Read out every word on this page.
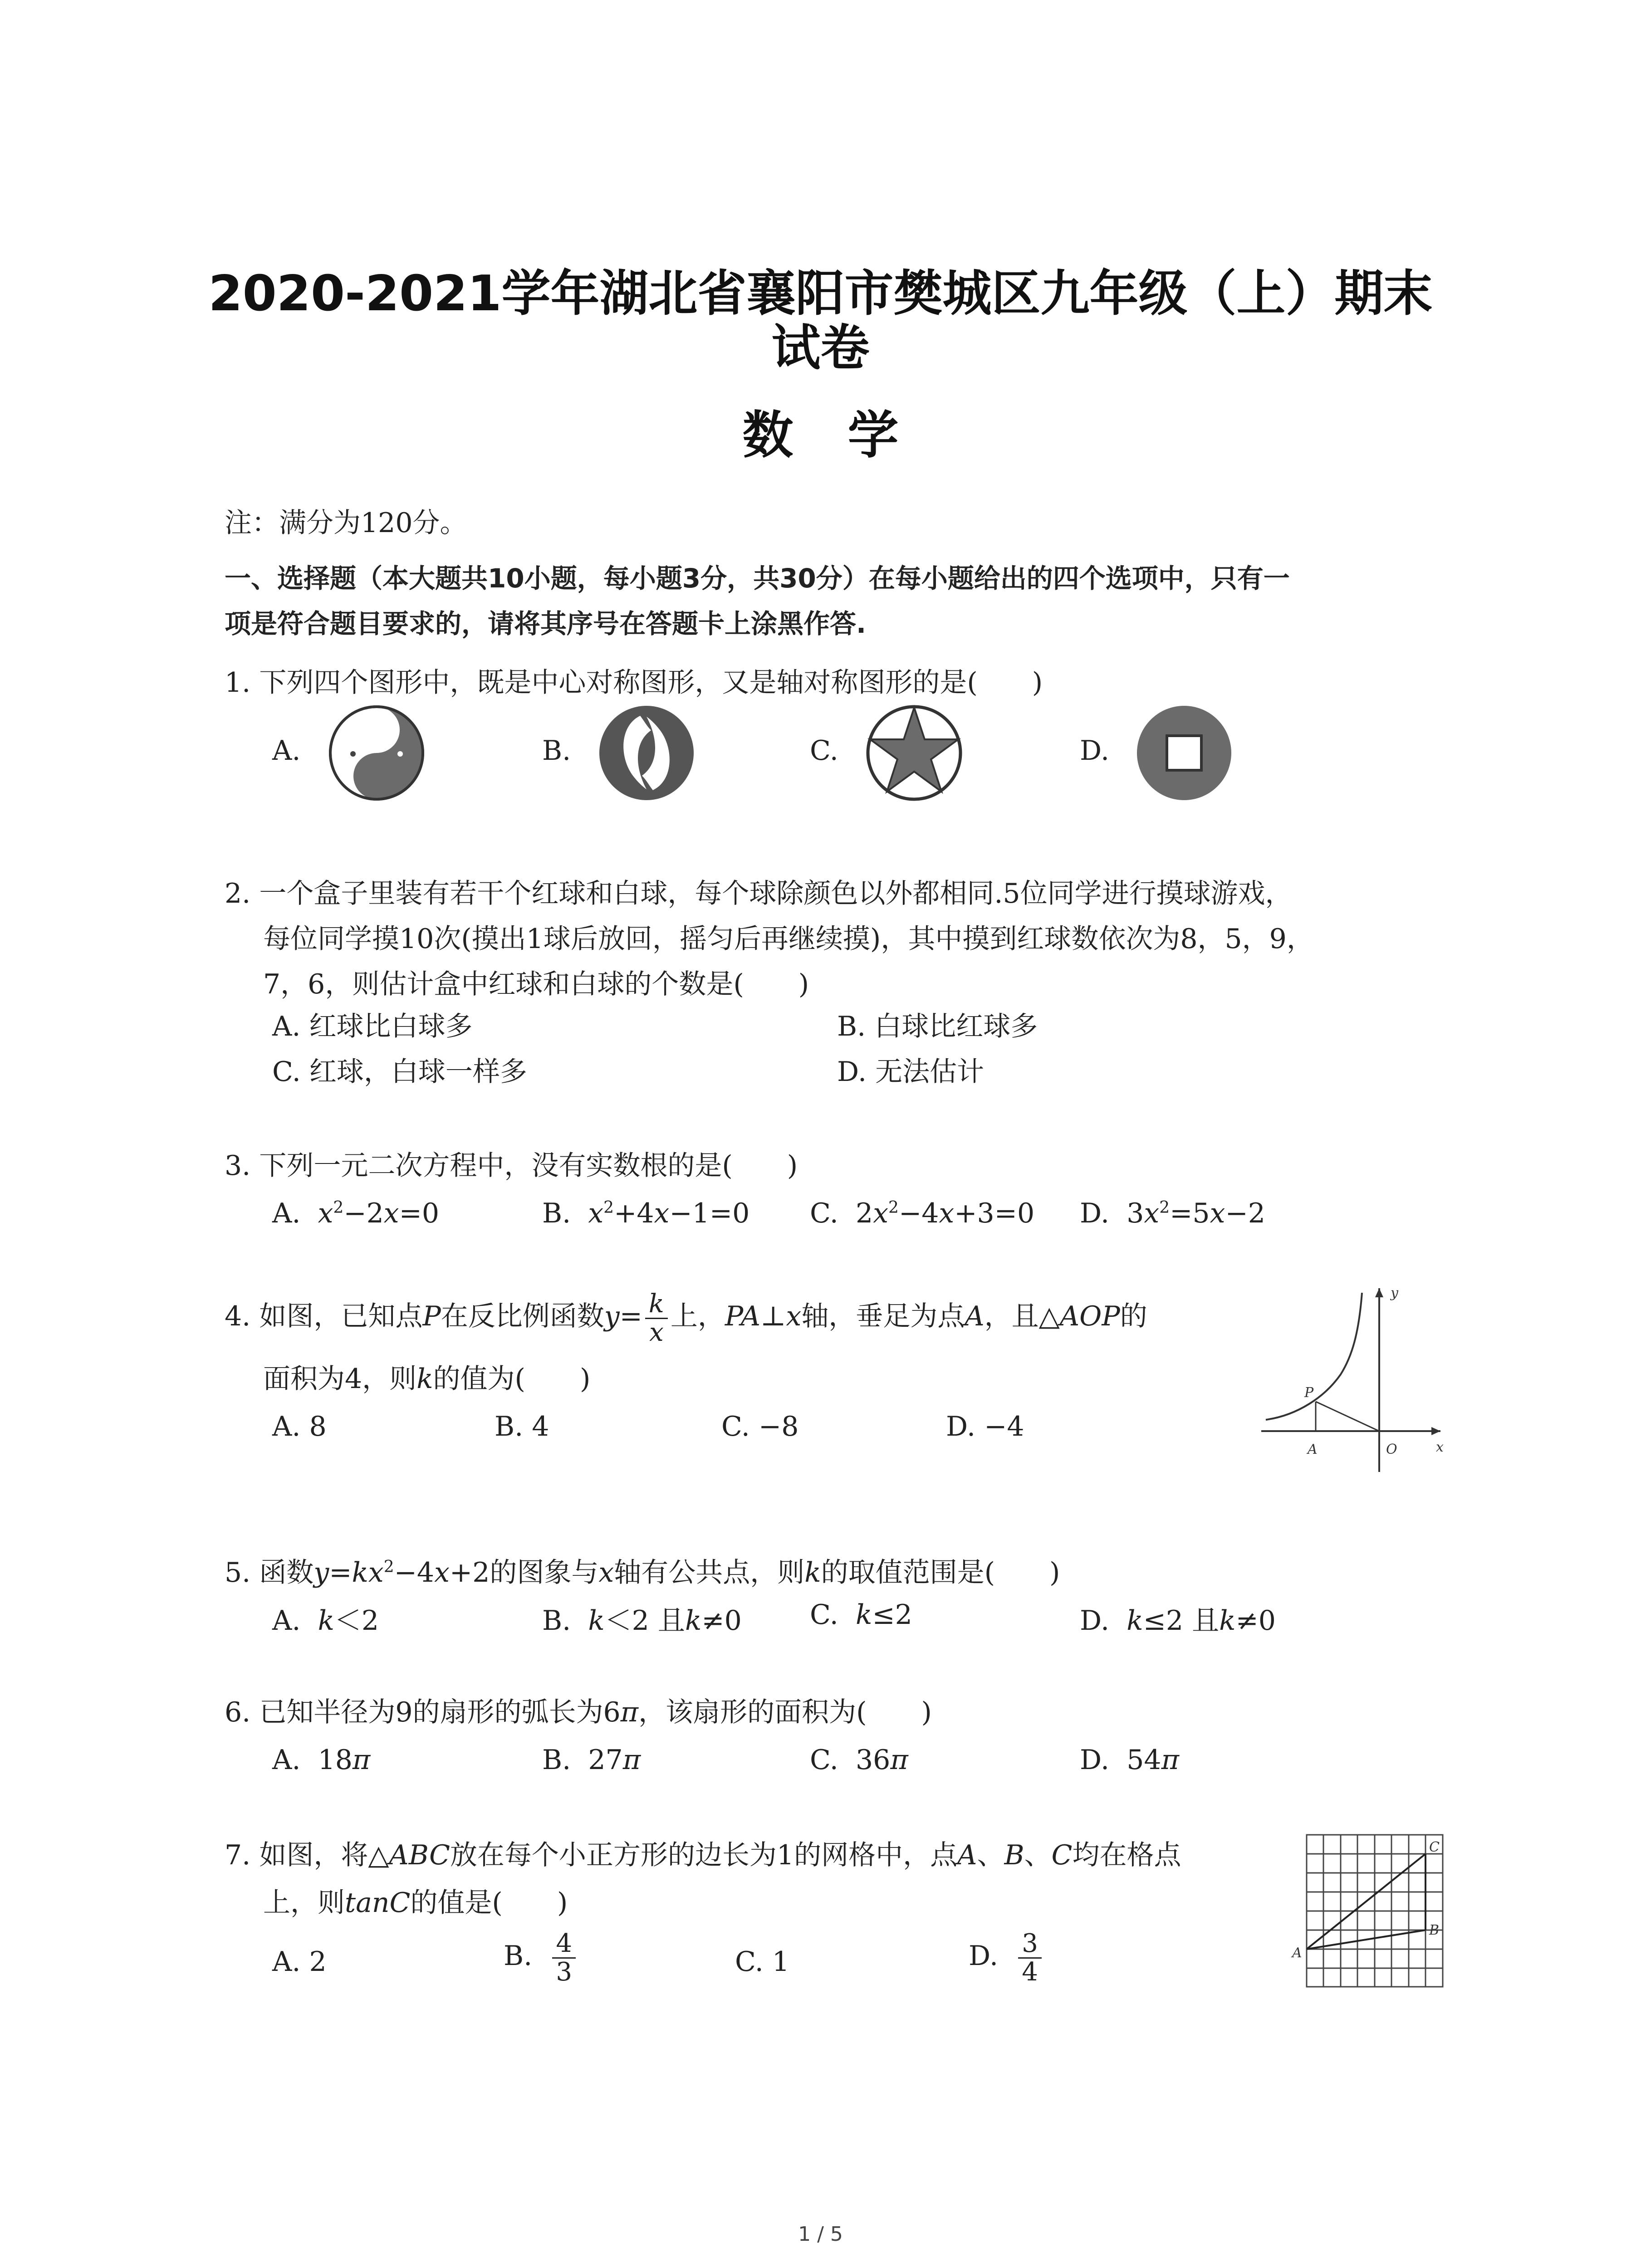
2020-2021学年湖北省襄阳市樊城区九年级（上）期末
试卷
数学
注：满分为120分。
一、选择题（本大题共10小题，每小题3分，共30分）在每小题给出的四个选项中，只有一
项是符合题目要求的，请将其序号在答题卡上涂黑作答.
1. 下列四个图形中，既是中心对称图形，又是轴对称图形的是(　　)
A.	B.	C.	D.
2. 一个盒子里装有若干个红球和白球，每个球除颜色以外都相同.5位同学进行摸球游戏，
每位同学摸10次(摸出1球后放回，摇匀后再继续摸)，其中摸到红球数依次为8，5，9，
7，6，则估计盒中红球和白球的个数是(　　)
A. 红球比白球多	B. 白球比红球多
C. 红球，白球一样多	D. 无法估计
3. 下列一元二次方程中，没有实数根的是(　　)
A. $x^2-2x=0$	B. $x^2+4x-1=0$ C. $2x^2-4x+3=0$ D. $3x^2=5x-2$
4. 如图，已知点P在反比例函数$y= \frac{k}{x}$ 上，PA⊥x轴，垂足为点A，且△AOP的
面积为4，则k的值为(　　)
A. 8	B. 4	C. −8	D. −4
y
x
P
A	O
5. 函数$y=kx^2-4x+2$的图象与x轴有公共点，则k的取值范围是(　　)
A. k＜2	B. k＜2 且k≠0	C. k≤2	D. k≤2 且k≠0
6. 已知半径为9的扇形的弧长为6π，该扇形的面积为(　　)
A. 18π	B. 27π	C. 36π	D. 54π
7. 如图，将△ABC放在每个小正方形的边长为1的网格中，点A、B、C均在格点
上，则tanC的值是(　　)
A. 2	B. $\frac{4}{3}$	C. 1	D. $\frac{3}{4}$	A
B
C
1 / 5
